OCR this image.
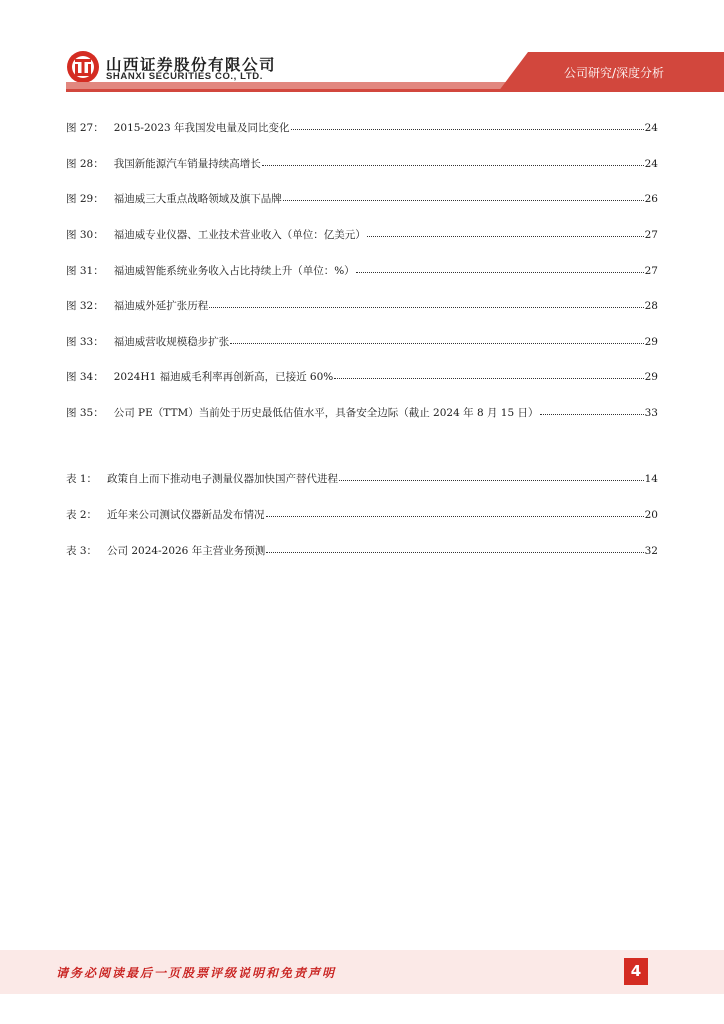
山西证券股份有限公司
SHANXI SECURITIES CO., LTD.	公司研究/深度分析
图 27： 2015-2023 年我国发电量及同比变化	24
图 28： 我国新能源汽车销量持续高增长	24
图 29： 福迪威三大重点战略领域及旗下品牌	26
图 30： 福迪威专业仪器、工业技术营业收入（单位：亿美元）	27
图 31： 福迪威智能系统业务收入占比持续上升（单位：%）	27
图 32： 福迪威外延扩张历程	28
图 33： 福迪威营收规模稳步扩张	29
图 34： 2024H1 福迪威毛利率再创新高，已接近 60%	29
图 35： 公司 PE（TTM）当前处于历史最低估值水平，具备安全边际（截止 2024 年 8 月 15 日）	33
表 1： 政策自上而下推动电子测量仪器加快国产替代进程	14
表 2： 近年来公司测试仪器新品发布情况	20
表 3： 公司 2024-2026 年主营业务预测	32
请务必阅读最后一页股票评级说明和免责声明	4
